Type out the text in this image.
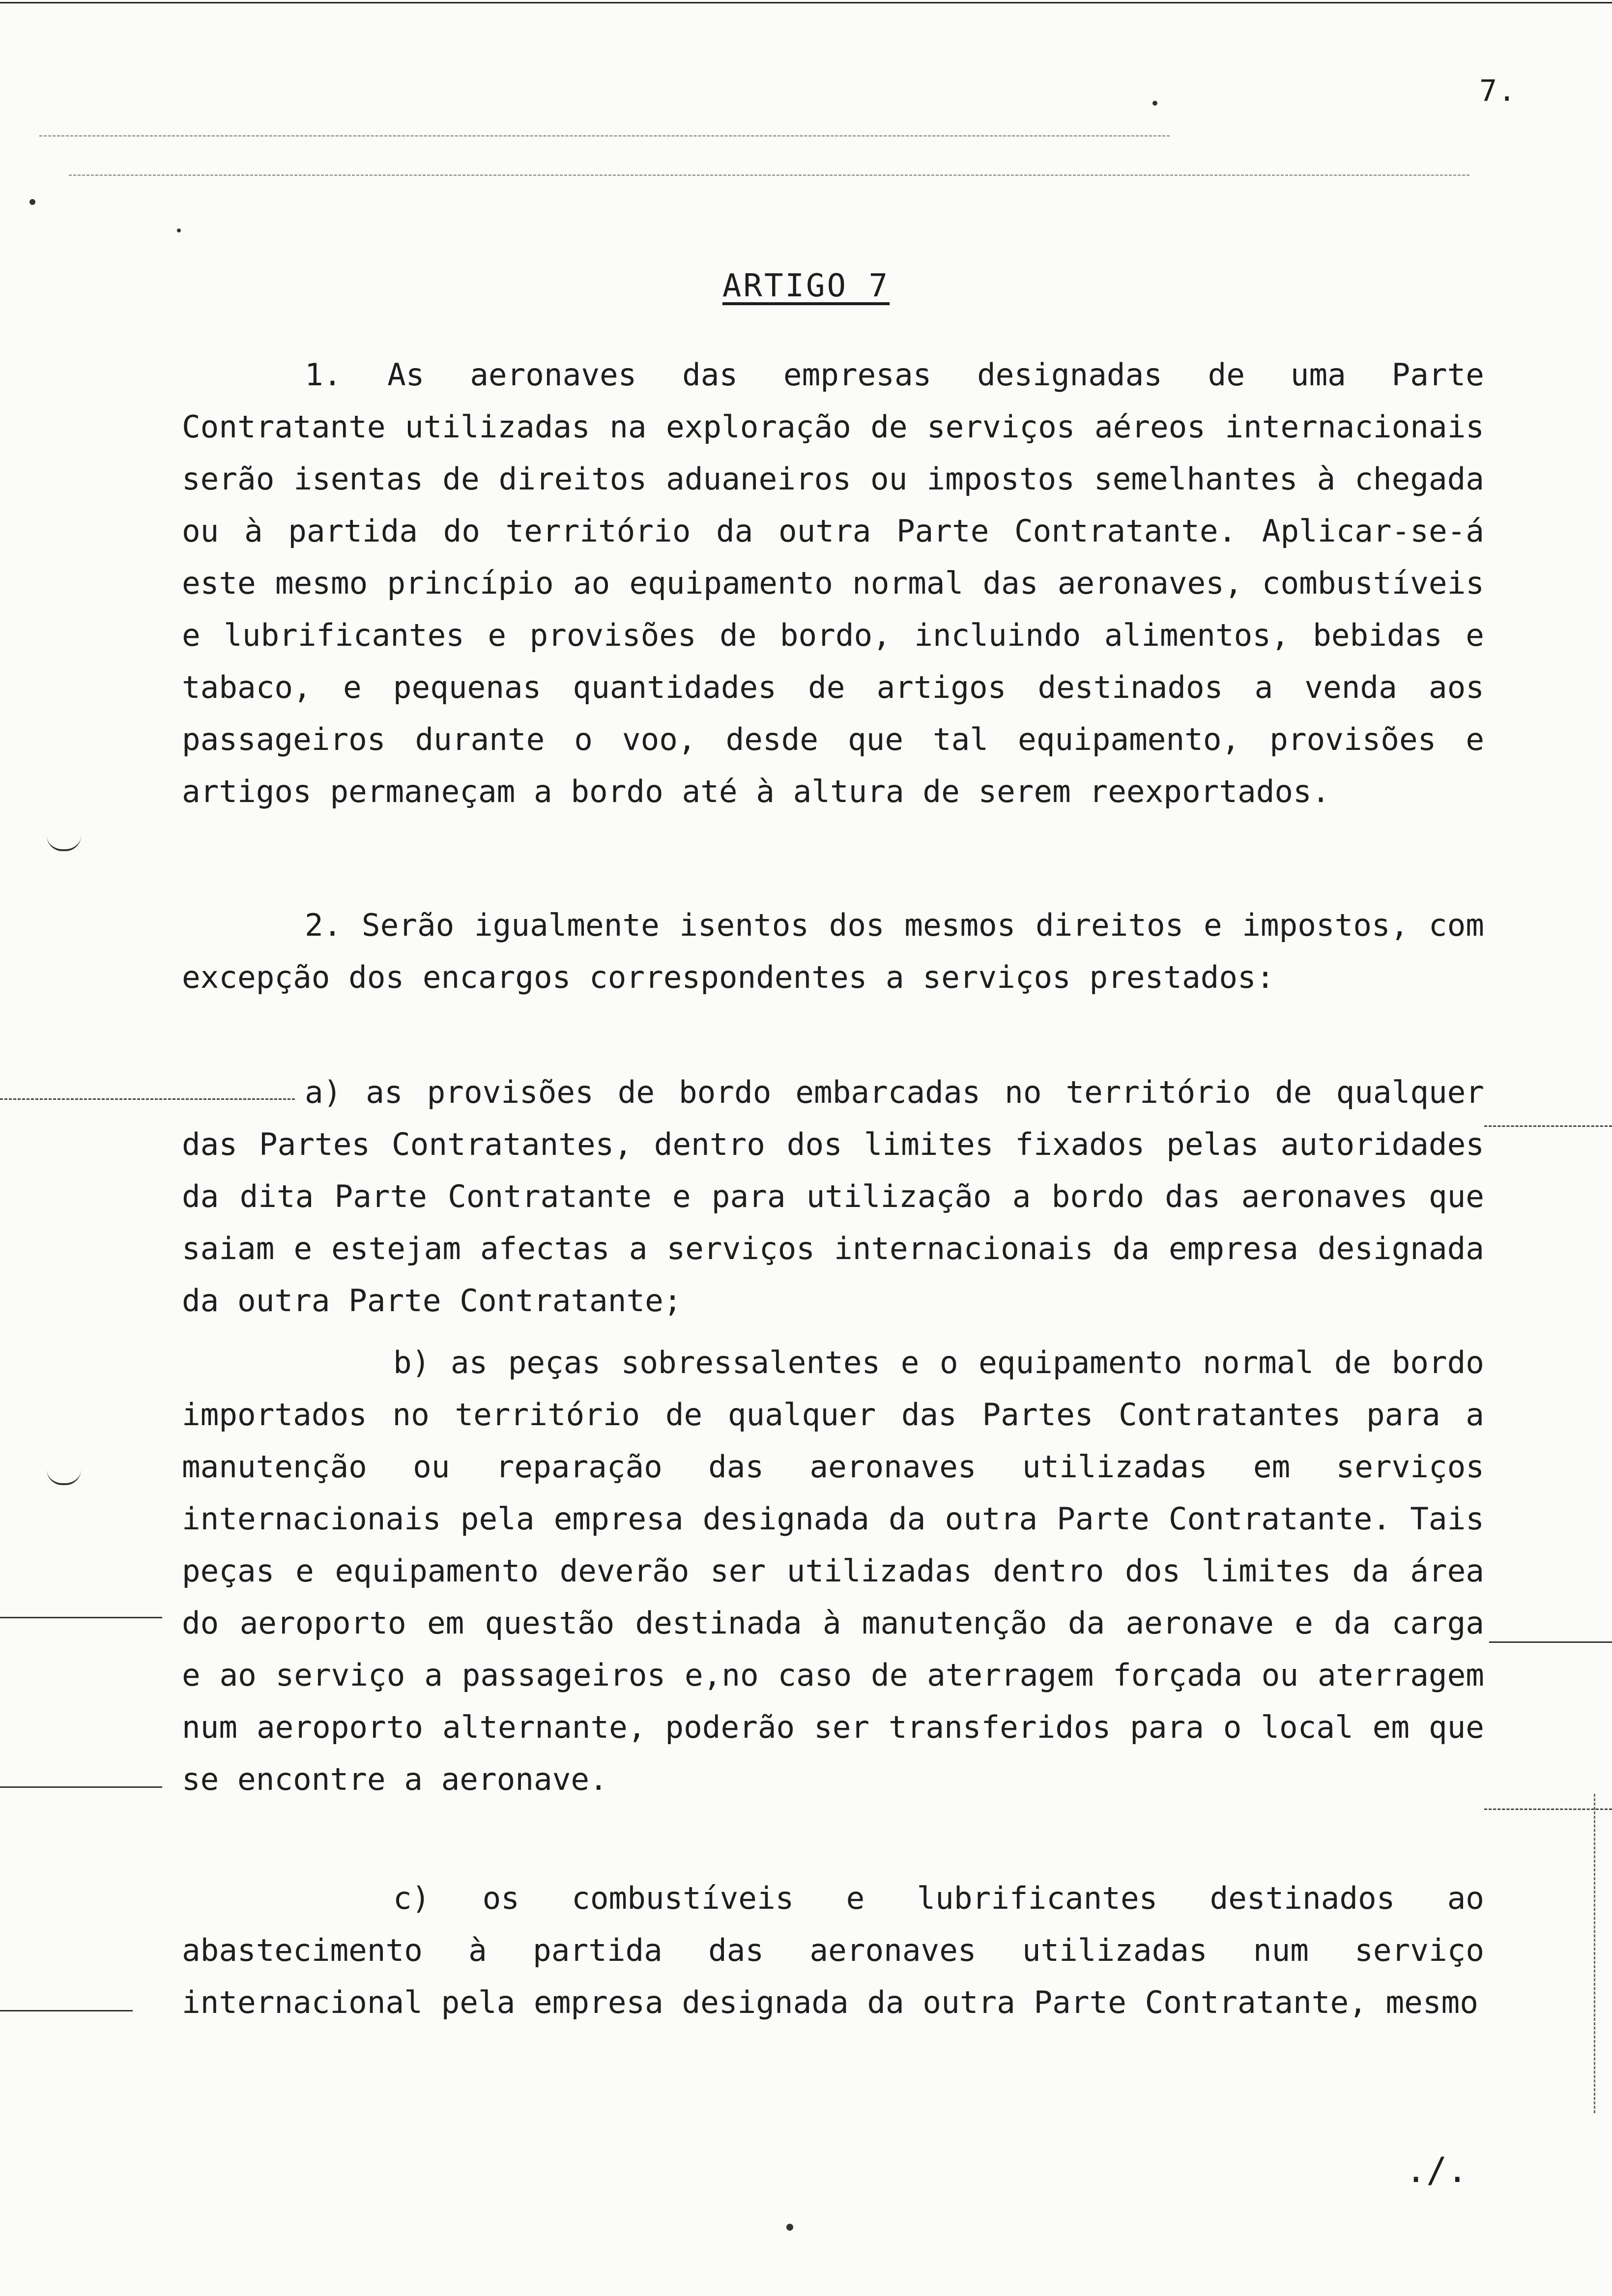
7.
ARTIGO 7

1. As aeronaves das empresas designadas de uma Parte Contratante utilizadas na exploração de serviços aéreos internacionais serão isentas de direitos aduaneiros ou impostos semelhantes à chegada ou à partida do território da outra Parte Contratante. Aplicar-se-á este mesmo princípio ao equipamento normal das aeronaves, combustíveis e lubrificantes e provisões de bordo, incluindo alimentos, bebidas e tabaco, e pequenas quantidades de artigos destinados a venda aos passageiros durante o voo, desde que tal equipamento, provisões e artigos permaneçam a bordo até à altura de serem reexportados.

2. Serão igualmente isentos dos mesmos direitos e impostos, com excepção dos encargos correspondentes a serviços prestados:

a) as provisões de bordo embarcadas no território de qualquer das Partes Contratantes, dentro dos limites fixados pelas autoridades da dita Parte Contratante e para utilização a bordo das aeronaves que saiam e estejam afectas a serviços internacionais da empresa designada da outra Parte Contratante;

b) as peças sobressalentes e o equipamento normal de bordo importados no território de qualquer das Partes Contratantes para a manutenção ou reparação das aeronaves utilizadas em serviços internacionais pela empresa designada da outra Parte Contratante. Tais peças e equipamento deverão ser utilizadas dentro dos limites da área do aeroporto em questão destinada à manutenção da aeronave e da carga e ao serviço a passageiros e,no caso de aterragem forçada ou aterragem num aeroporto alternante, poderão ser transferidos para o local em que se encontre a aeronave.

c) os combustíveis e lubrificantes destinados ao abastecimento à partida das aeronaves utilizadas num serviço internacional pela empresa designada da outra Parte Contratante, mesmo

./.
